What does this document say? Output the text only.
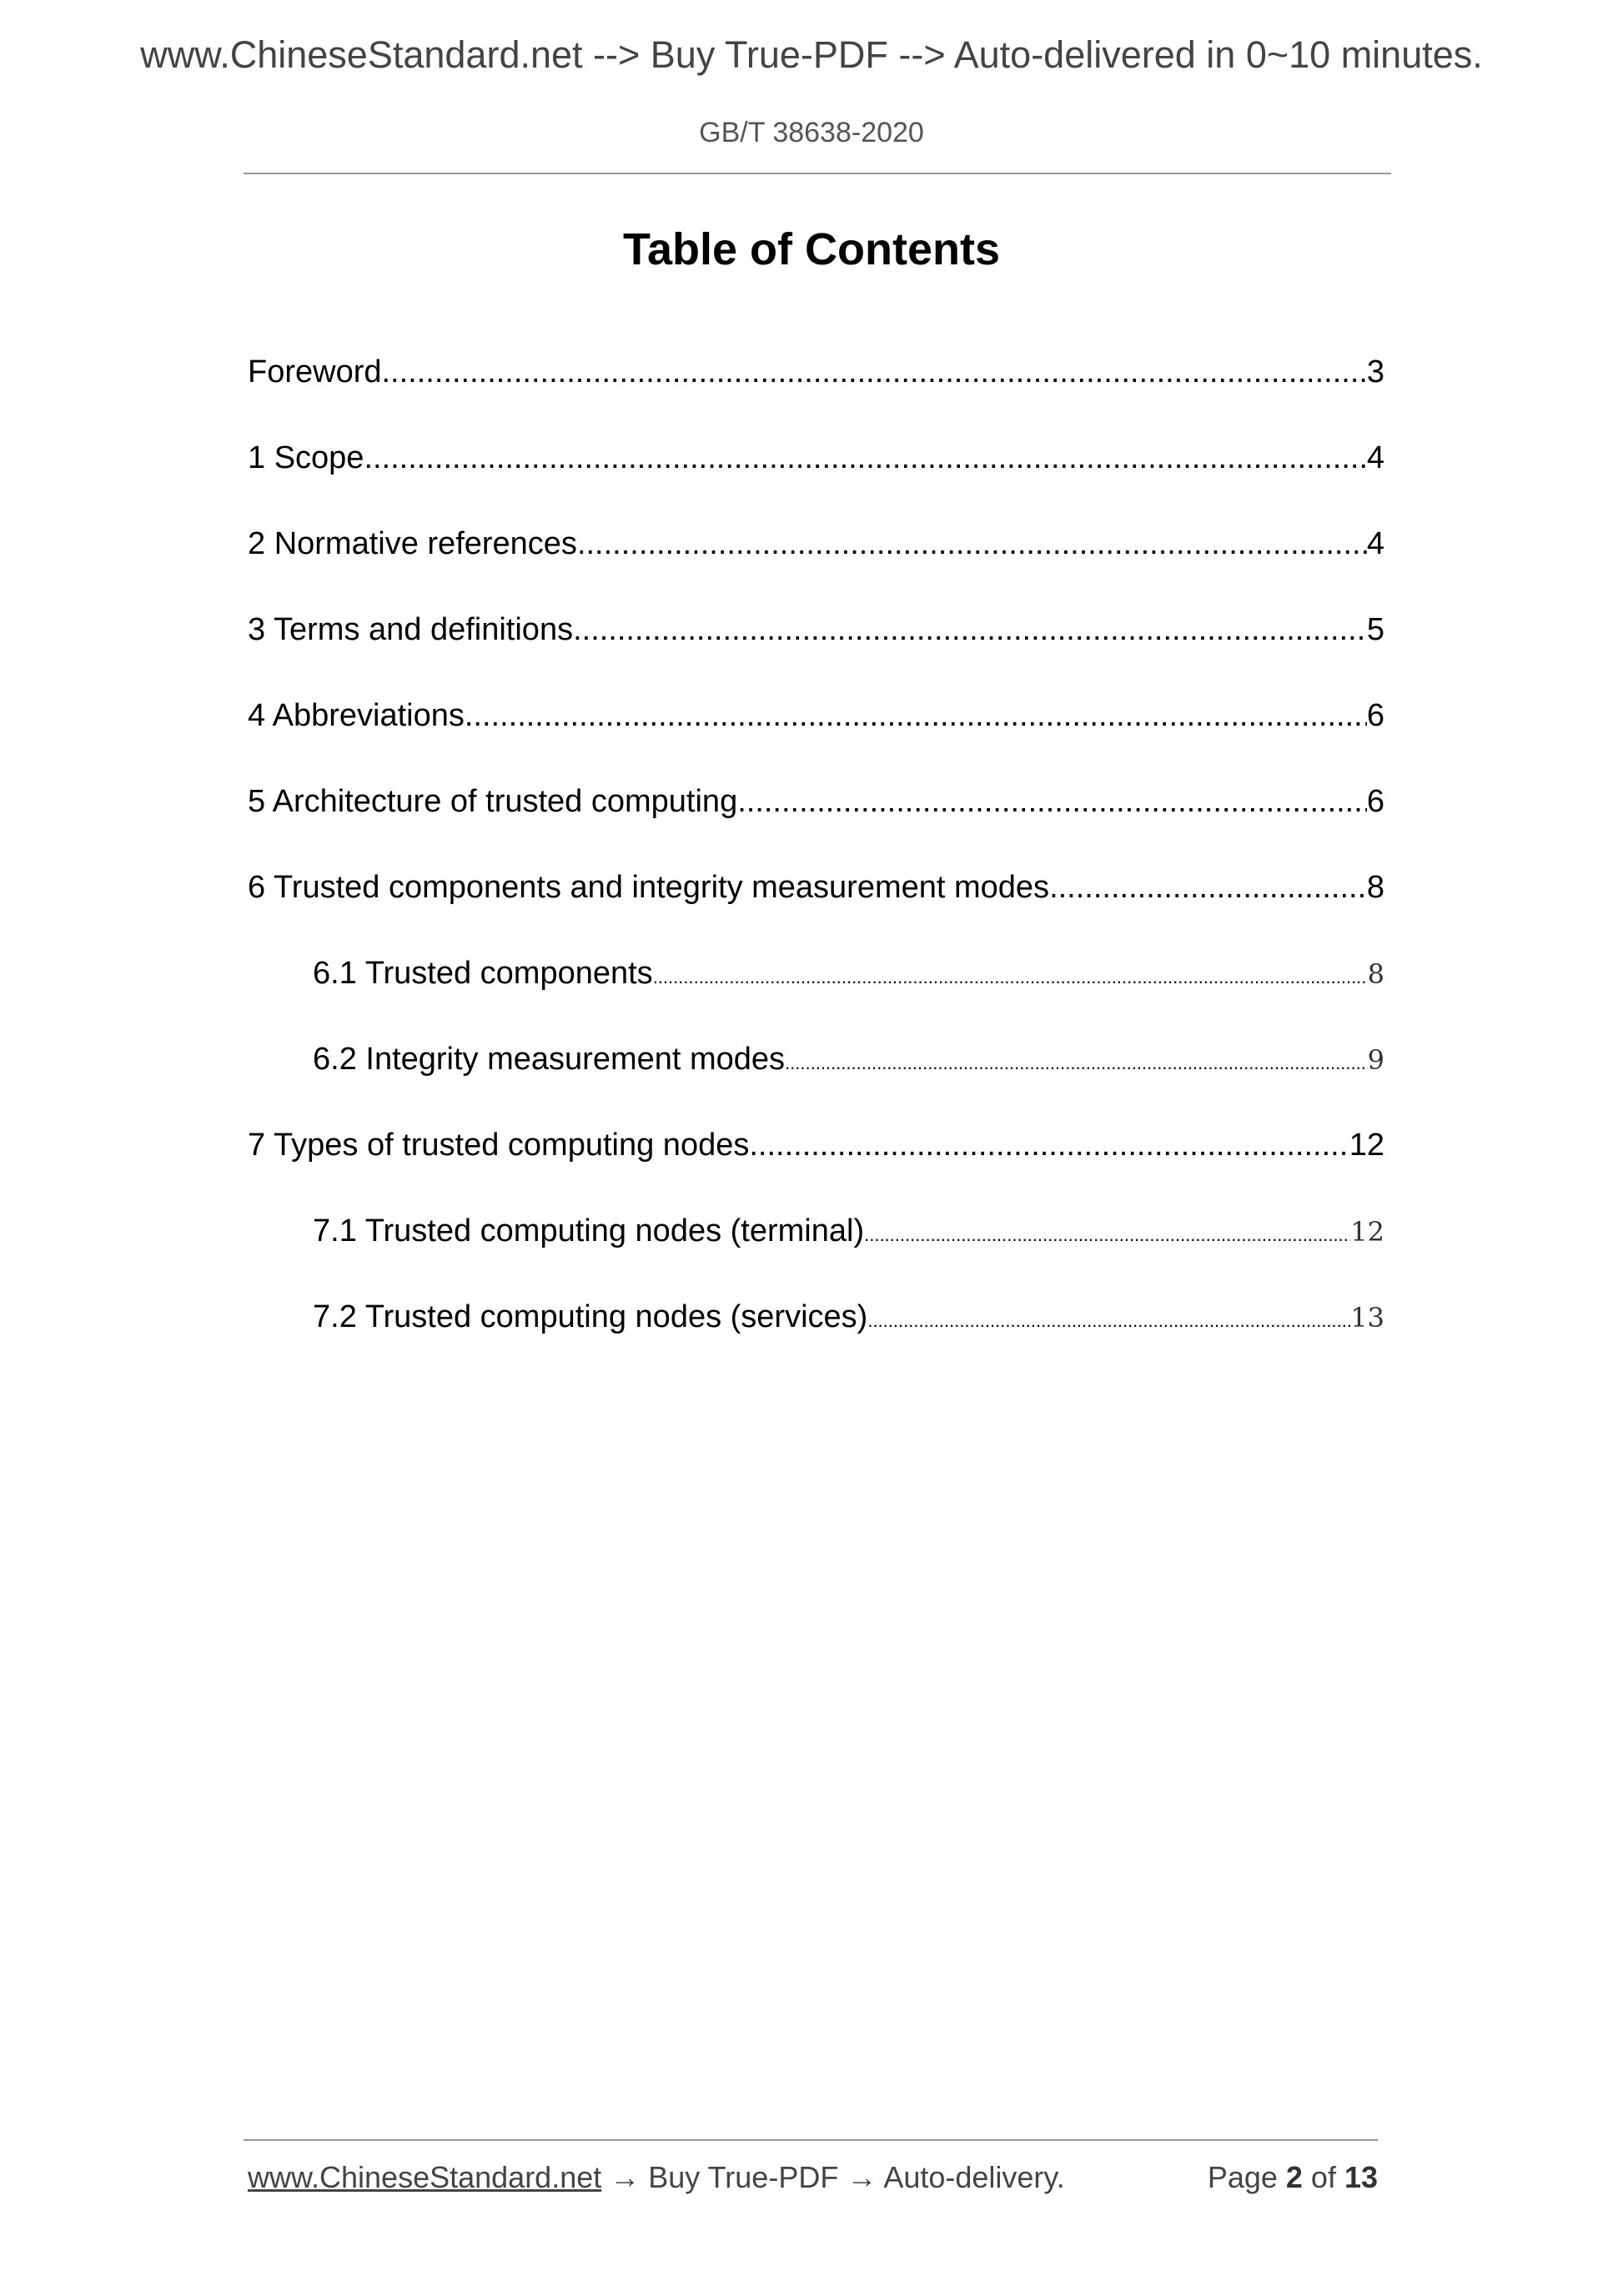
www.ChineseStandard.net --> Buy True-PDF --> Auto-delivered in 0~10 minutes.
GB/T 38638-2020
Table of Contents
Foreword .....	3
1 Scope .....	4
2 Normative references .....	4
3 Terms and definitions .....	5
4 Abbreviations .....	6
5 Architecture of trusted computing .....	6
6 Trusted components and integrity measurement modes .....	8
6.1 Trusted components .....	8
6.2 Integrity measurement modes .....	9
7 Types of trusted computing nodes .....	12
7.1 Trusted computing nodes (terminal) .....	12
7.2 Trusted computing nodes (services) .....	13
www.ChineseStandard.net → Buy True-PDF → Auto-delivery.	Page 2 of 13
